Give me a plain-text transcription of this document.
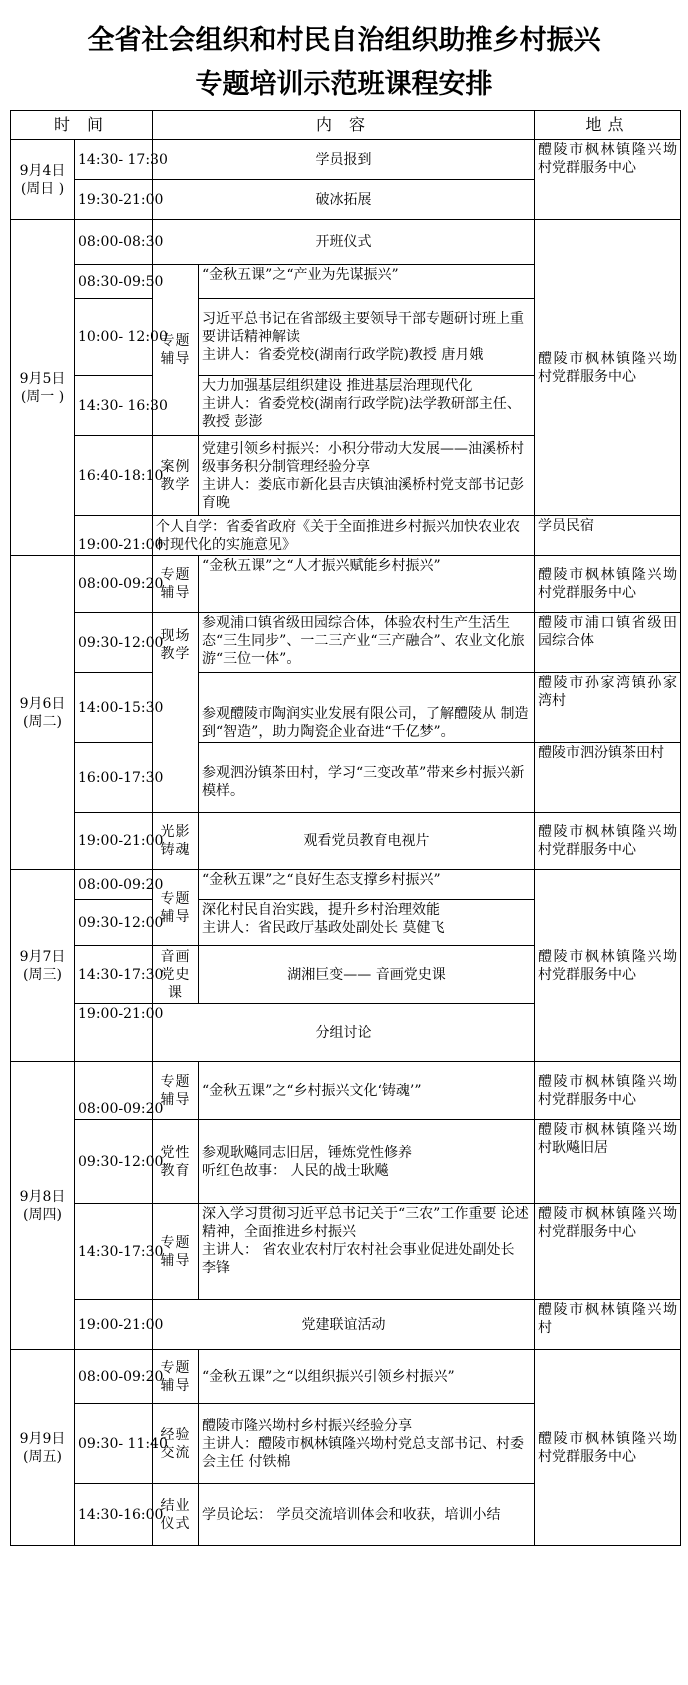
全省社会组织和村民自治组织助推乡村振兴
专题培训示范班课程安排
时 间		内 容		地点
9月4日
(周日 )	14:30- 17:30	学员报到		醴陵市枫林镇隆兴坳村党群服务中心
	19:30-21:00	破冰拓展		
9月5日
(周一 )	08:00-08:30	开班仪式		醴陵市枫林镇隆兴坳村党群服务中心
	08:30-09:50	专题辅导	“金秋五课”之“产业为先谋振兴”	
	10:00- 12:00		习近平总书记在省部级主要领导干部专题研讨班上重要讲话精神解读
主讲人：省委党校(湖南行政学院)教授 唐月娥	
	14:30- 16:30		大力加强基层组织建设 推进基层治理现代化
主讲人：省委党校(湖南行政学院)法学教研部主任、教授 彭澎	
	16:40-18:10	案例教学	党建引领乡村振兴：小积分带动大发展——油溪桥村级事务积分制管理经验分享
主讲人：娄底市新化县吉庆镇油溪桥村党支部书记彭育晚	
	19:00-21:00	个人自学：省委省政府《关于全面推进乡村振兴加快农业农村现代化的实施意见》		学员民宿
9月6日
(周二)	08:00-09:20	专题辅导	“金秋五课”之“人才振兴赋能乡村振兴”	醴陵市枫林镇隆兴坳村党群服务中心
	09:30-12:00	现场教学	参观浦口镇省级田园综合体，体验农村生产生活生态“三生同步”、一二三产业“三产融合”、农业文化旅游“三位一体”。	醴陵市浦口镇省级田园综合体
	14:00-15:30		参观醴陵市陶润实业发展有限公司，了解醴陵从 制造到“智造”，助力陶瓷企业奋进“千亿梦”。	醴陵市孙家湾镇孙家湾村
	16:00-17:30		参观泗汾镇茶田村，学习“三变改革”带来乡村振兴新模样。	醴陵市泗汾镇茶田村
	19:00-21:00	光影铸魂	观看党员教育电视片	醴陵市枫林镇隆兴坳村党群服务中心
9月7日
(周三)	08:00-09:20	专题辅导	“金秋五课”之“良好生态支撑乡村振兴”	醴陵市枫林镇隆兴坳村党群服务中心
	09:30-12:00		深化村民自治实践，提升乡村治理效能
主讲人：省民政厅基政处副处长 莫健飞	
	14:30-17:30	音画党史课	湖湘巨变—— 音画党史课	
	19:00-21:00	分组讨论		
9月8日
(周四)	08:00-09:20	专题辅导	“金秋五课”之“乡村振兴文化‘铸魂’”	醴陵市枫林镇隆兴坳村党群服务中心
	09:30-12:00	党性教育	参观耿飚同志旧居，锤炼党性修养
听红色故事： 人民的战士耿飚	醴陵市枫林镇隆兴坳村耿飚旧居
	14:30-17:30	专题辅导	深入学习贯彻习近平总书记关于“三农”工作重要 论述精神，全面推进乡村振兴
主讲人： 省农业农村厅农村社会事业促进处副处长 李锋	醴陵市枫林镇隆兴坳村党群服务中心
	19:00-21:00	党建联谊活动		醴陵市枫林镇隆兴坳村
9月9日
(周五)	08:00-09:20	专题辅导	“金秋五课”之“以组织振兴引领乡村振兴”	醴陵市枫林镇隆兴坳村党群服务中心
	09:30- 11:40	经验交流	醴陵市隆兴坳村乡村振兴经验分享
主讲人：醴陵市枫林镇隆兴坳村党总支部书记、村委会主任 付铁棉	
	14:30-16:00	结业仪式	学员论坛： 学员交流培训体会和收获，培训小结	
